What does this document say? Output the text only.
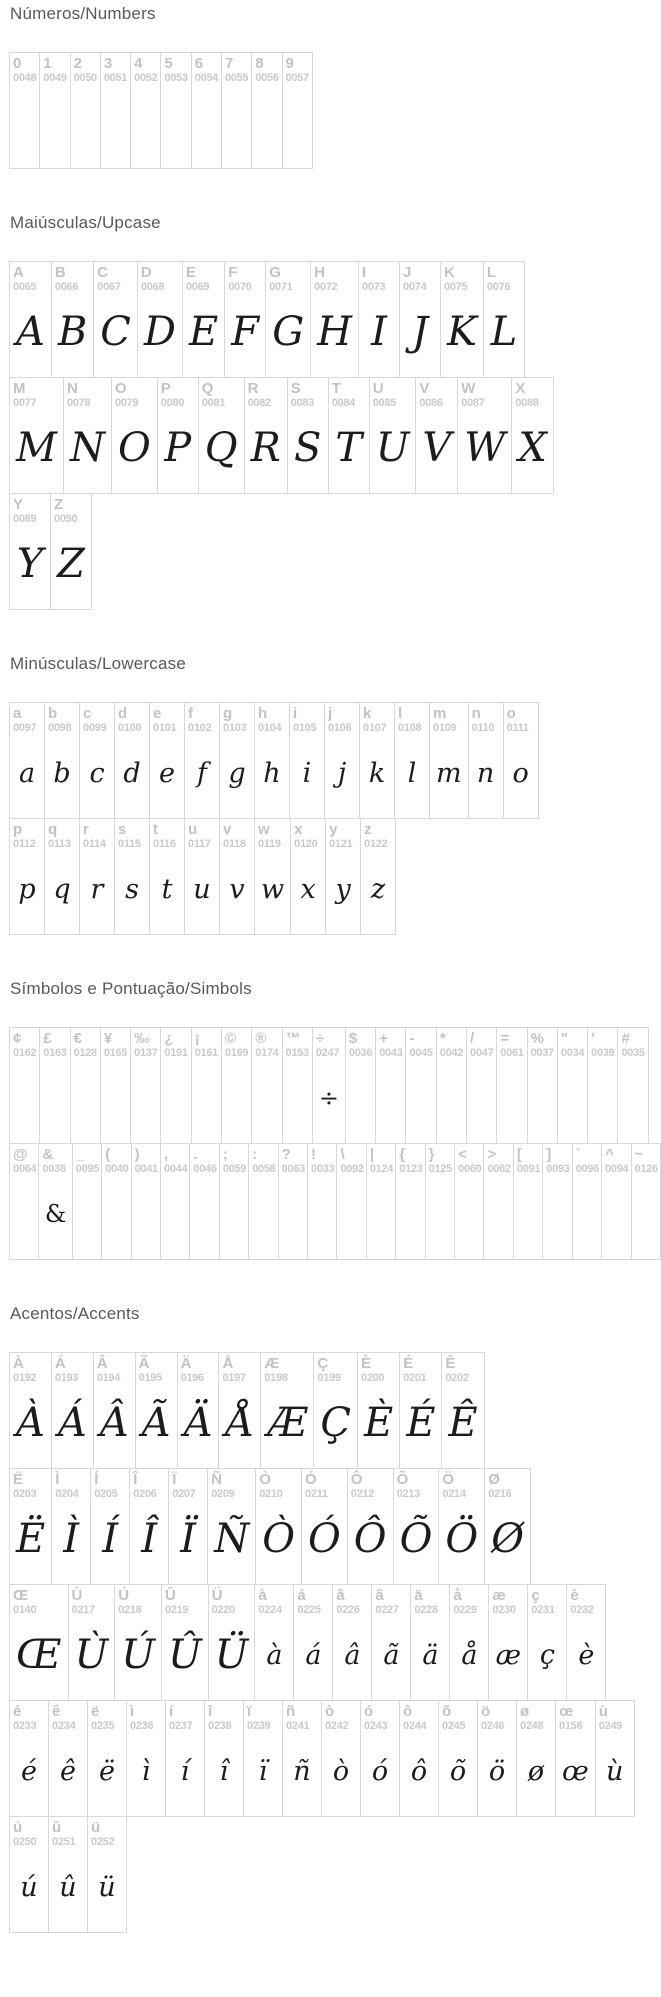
Números/Numbers
0
0048
1
0049
2
0050
3
0051
4
0052
5
0053
6
0054
7
0055
8
0056
9
0057
Maiúsculas/Upcase
A
0065
A
B
0066
B
C
0067
C
D
0068
D
E
0069
E
F
0070
F
G
0071
G
H
0072
H
I
0073
I
J
0074
J
K
0075
K
L
0076
L
M
0077
M
N
0078
N
O
0079
O
P
0080
P
Q
0081
Q
R
0082
R
S
0083
S
T
0084
T
U
0085
U
V
0086
V
W
0087
W
X
0088
X
Y
0089
Y
Z
0090
Z
Minúsculas/Lowercase
a
0097
a
b
0098
b
c
0099
c
d
0100
d
e
0101
e
f
0102
f
g
0103
g
h
0104
h
i
0105
i
j
0106
j
k
0107
k
l
0108
l
m
0109
m
n
0110
n
o
0111
o
p
0112
p
q
0113
q
r
0114
r
s
0115
s
t
0116
t
u
0117
u
v
0118
v
w
0119
w
x
0120
x
y
0121
y
z
0122
z
Símbolos e Pontuação/Simbols
¢
0162
£
0163
€
0128
¥
0165
‰
0137
¿
0191
¡
0161
©
0169
®
0174
™
0153
÷
0247
÷
$
0036
+
0043
-
0045
*
0042
/
0047
=
0061
%
0037
"
0034
'
0039
#
0035
@
0064
&
0038
&
_
0095
(
0040
)
0041
,
0044
.
0046
;
0059
:
0058
?
0063
!
0033
\
0092
|
0124
{
0123
}
0125
<
0060
>
0062
[
0091
]
0093
`
0096
^
0094
~
0126
Acentos/Accents
À
0192
À
Á
0193
Á
Â
0194
Â
Ã
0195
Ã
Ä
0196
Ä
Å
0197
Å
Æ
0198
Æ
Ç
0199
Ç
È
0200
È
É
0201
É
Ê
0202
Ê
Ë
0203
Ë
Ì
0204
Ì
Í
0205
Í
Î
0206
Î
Ï
0207
Ï
Ñ
0209
Ñ
Ò
0210
Ò
Ó
0211
Ó
Ô
0212
Ô
Õ
0213
Õ
Ö
0214
Ö
Ø
0216
Ø
Œ
0140
Œ
Ù
0217
Ù
Ú
0218
Ú
Û
0219
Û
Ü
0220
Ü
à
0224
à
á
0225
á
â
0226
â
ã
0227
ã
ä
0228
ä
å
0229
å
æ
0230
æ
ç
0231
ç
è
0232
è
é
0233
é
ê
0234
ê
ë
0235
ë
ì
0236
ì
í
0237
í
î
0238
î
ï
0239
ï
ñ
0241
ñ
ò
0242
ò
ó
0243
ó
ô
0244
ô
õ
0245
õ
ö
0246
ö
ø
0248
ø
œ
0156
œ
ù
0249
ù
ú
0250
ú
û
0251
û
ü
0252
ü
